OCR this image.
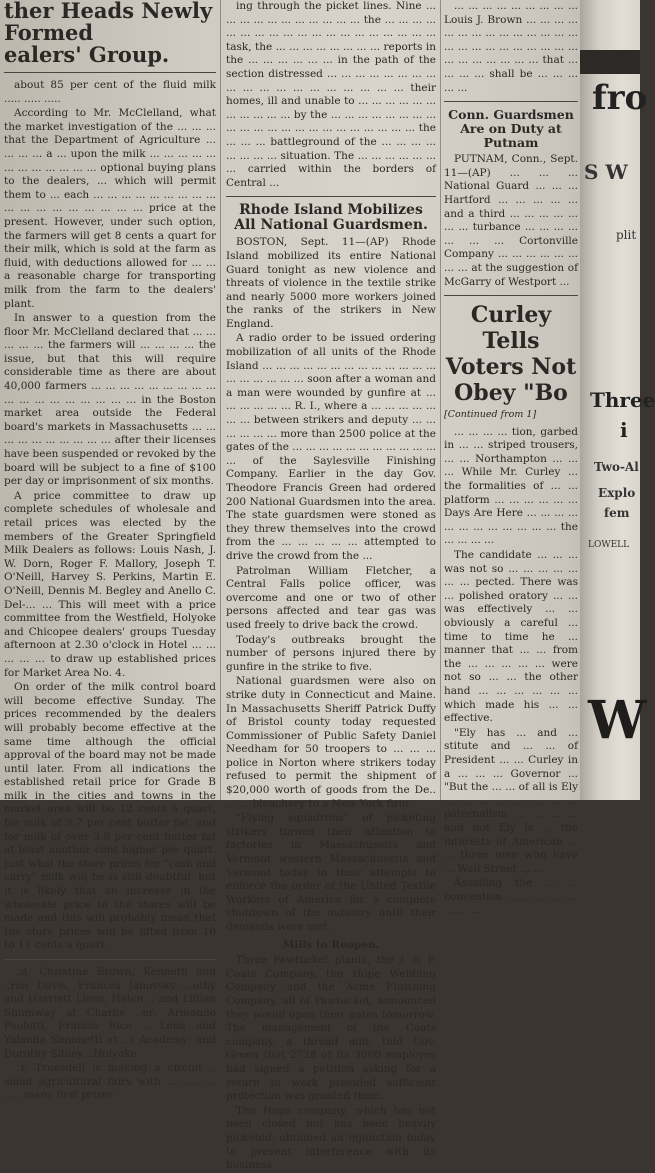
ther Heads Newly Formed
ealers' Group.

about 85 per cent of the fluid milk ..... ..... .....

According to Mr. McClelland, what the market investigation of the ... ... ... that the Department of Agriculture ... ... ... ... a ... upon the milk ... ... ... ... ... ... ... ... ... ... ... ... optional buying plans to the dealers, ... which will permit them to ... each ... ... ... ... ... ... ... ... ... ... ... ... ... ... ... ... ... ... price at the present. However, under such option, the farmers will get 8 cents a quart for their milk, which is sold at the farm as fluid, with deductions allowed for ... ... a reasonable charge for transporting milk from the farm to the dealers' plant.

In answer to a question from the floor Mr. McClelland declared that ... ... ... ... ... the farmers will ... ... ... ... the issue, but that this will require considerable time as there are about 40,000 farmers ... ... ... ... ... ... ... ... ... ... ... ... ... ... ... ... ... ... in the Boston market area outside the Federal board's markets in Massachusetts ... ... ... ... ... ... ... ... ... ... after their licenses have been suspended or revoked by the board will be subject to a fine of $100 per day or imprisonment of six months.

A price committee to draw up complete schedules of wholesale and retail prices was elected by the members of the Greater Springfield Milk Dealers as follows: Louis Nash, J. W. Dorn, Roger F. Mallory, Joseph T. O'Neill, Harvey S. Perkins, Martin E. O'Neill, Dennis M. Begley and Anello C. Del-... ... This will meet with a price committee from the Westfield, Holyoke and Chicopee dealers' groups Tuesday afternoon at 2.30 o'clock in Hotel ... ... ... ... ... to draw up established prices for Market Area No. 4.

On order of the milk control board will become effective Sunday. The prices recommended by the dealers will probably become effective at the same time although the official approval of the board may not be made until later. From all indications the established retail price for Grade B milk in the cities and towns in the market area will be 12 cents a quart, for milk of 3.7 per cent butter fat, and for milk of over 3.8 per cent butter fat at least another cent higher per quart. Just what the store prices for "cash and carry" milk will be is still doubtful, but it is likely that an increase in the wholesale price to the stores will be made and this will probably mean that the store prices will be lifted from 10 to 11 cents a quart.

..d, Christine Brown, Kenneth and ..ron Davis, Frances Janovsky, ..othy and Harriett Liese, Helen .. and Lillian Shumway at Charlie ..er; Armondo Paoletti, Francis Rice .. Lena and Yalanda Simonetti at ..s Academy; and Dorothy Sibley ..Holyoke.

..r. Truesdell is making a circuit .. small agricultural fairs with .... ..... .. ..... many first prizes

ing through the picket lines. Nine ... ... ... ... ... ... ... ... ... ... ... the ... ... ... ... ... ... ... ... ... ... ... ... ... ... ... ... ... ... ... task, the ... ... ... ... ... ... ... ... reports in the ... ... ... ... ... ... in the path of the section distressed ... ... ... ... ... ... ... ... ... ... ... ... ... ... ... ... ... ... ... their homes, ill and unable to ... ... ... ... ... ... ... ... ... ... ... by the ... ... ... ... ... ... ... ... ... ... ... ... ... ... ... ... ... ... ... ... ... ... the ... ... ... battleground of the ... ... ... ... ... ... ... ... situation. The ... ... ... ... ... ... ... carried within the borders of Central ...

Rhode Island Mobilizes All National Guardsmen.

BOSTON, Sept. 11—(AP) Rhode Island mobilized its entire National Guard tonight as new violence and threats of violence in the textile strike and nearly 5000 more workers joined the ranks of the strikers in New England.

A radio order to be issued ordering mobilization of all units of the Rhode Island ... ... ... ... ... ... ... ... ... ... ... ... ... ... ... ... ... ... ... soon after a woman and a man were wounded by gunfire at ... ... ... ... ... ... R. I., where a ... ... ... ... ... ... ... between strikers and deputy ... ... ... ... ... ... more than 2500 police at the gates of the ... ... ... ... ... ... ... ... ... ... ... ... of the Saylesville Finishing Company. Earlier in the day Gov. Theodore Francis Green had ordered 200 National Guardsmen into the area. The state guardsmen were stoned as they threw themselves into the crowd from the ... ... ... ... ... attempted to drive the crowd from the ...

Patrolman William Fletcher, a Central Falls police officer, was overcome and one or two of other persons affected and tear gas was used freely to drive back the crowd.

Today's outbreaks brought the number of persons injured there by gunfire in the strike to five.

National guardsmen were also on strike duty in Connecticut and Maine. In Massachusetts Sheriff Patrick Duffy of Bristol county today requested Commissioner of Public Safety Daniel Needham for 50 troopers to ... ... ... police in Norton where strikers today refused to permit the shipment of $20,000 worth of goods from the De.. ... ... bleachery to a New York firm.

"Flying squadrons" of picketing strikers turned their attention to factories in Massachusetts and Vermont western Massachusetts and Vermont today in their attempts to enforce the order of the United Textile Workers of America for a complete shutdown of the industry until their demands were met.

Mills to Reopen.

Three Pawtucket plants, the J. & P. Coats Company, the Hope Webbing Company and the Acme Finishing Company, all of Pawtucket, announced they would open their gates tomorrow. The management of the Coats company, a thread mill, told Gov. Green that 2728 of its 3000 employes had signed a petition asking for a return to work provided sufficient protection was granted them.

The Hope company, which has not been closed but has been heavily picketed, obtained an injunction today to prevent interference with its business

... ... ... ... ... ... ... ... ... Louis J. Brown ... ... ... ... ... ... ... ... ... ... ... ... ... ... ... ... ... ... ... ... ... ... ... ... ... ... ... ... ... ... ... that ... ... ... ... shall be ... ... ... ... ...

Conn. Guardsmen Are on Duty at Putnam

PUTNAM, Conn., Sept. 11—(AP) ... ... ... National Guard ... ... ... Hartford ... ... ... ... ... and a third ... ... ... ... ... ... ... turbance ... ... ... ... ... ... ... Cortonville Company ... ... ... ... ... ... ... ... at the suggestion of McGarry of Westport ...

Curley Tells Voters Not Obey "Bo
[Continued from 1]

... ... ... ... tion, garbed in ... ... striped trousers, ... ... Northampton ... ... ... While Mr. Curley ... the formalities of ... ... platform ... ... ... ... ... ... Days Are Here ... ... ... ... ... ... ... ... ... ... ... ... the ... ... ... ...

The candidate ... ... ... was not so ... ... ... ... ... ... ... pected. There was ... polished oratory ... ... was effectively ... ... obviously a careful ... time to time he ... manner that ... ... from the ... ... ... ... ... were not so ... ... the other hand ... ... ... ... ... ... which made his ... ... effective.

"Ely has ... and ... stitute and ... ... of President ... ... Curley in a ... ... ... Governor ... "But the ... ... of all is Ely ... ... ... ... ... ... ... ... paternalism ... ... ... ... and not Ely is ... the interests of American ... ... three men who have ... Wall Street ... ...

Assailing the ... ... convention ... ... ... ... ... ... ... ...

fro
S W
plit
Three
i
Two-Al
Explo
fem
LOWELL
W
